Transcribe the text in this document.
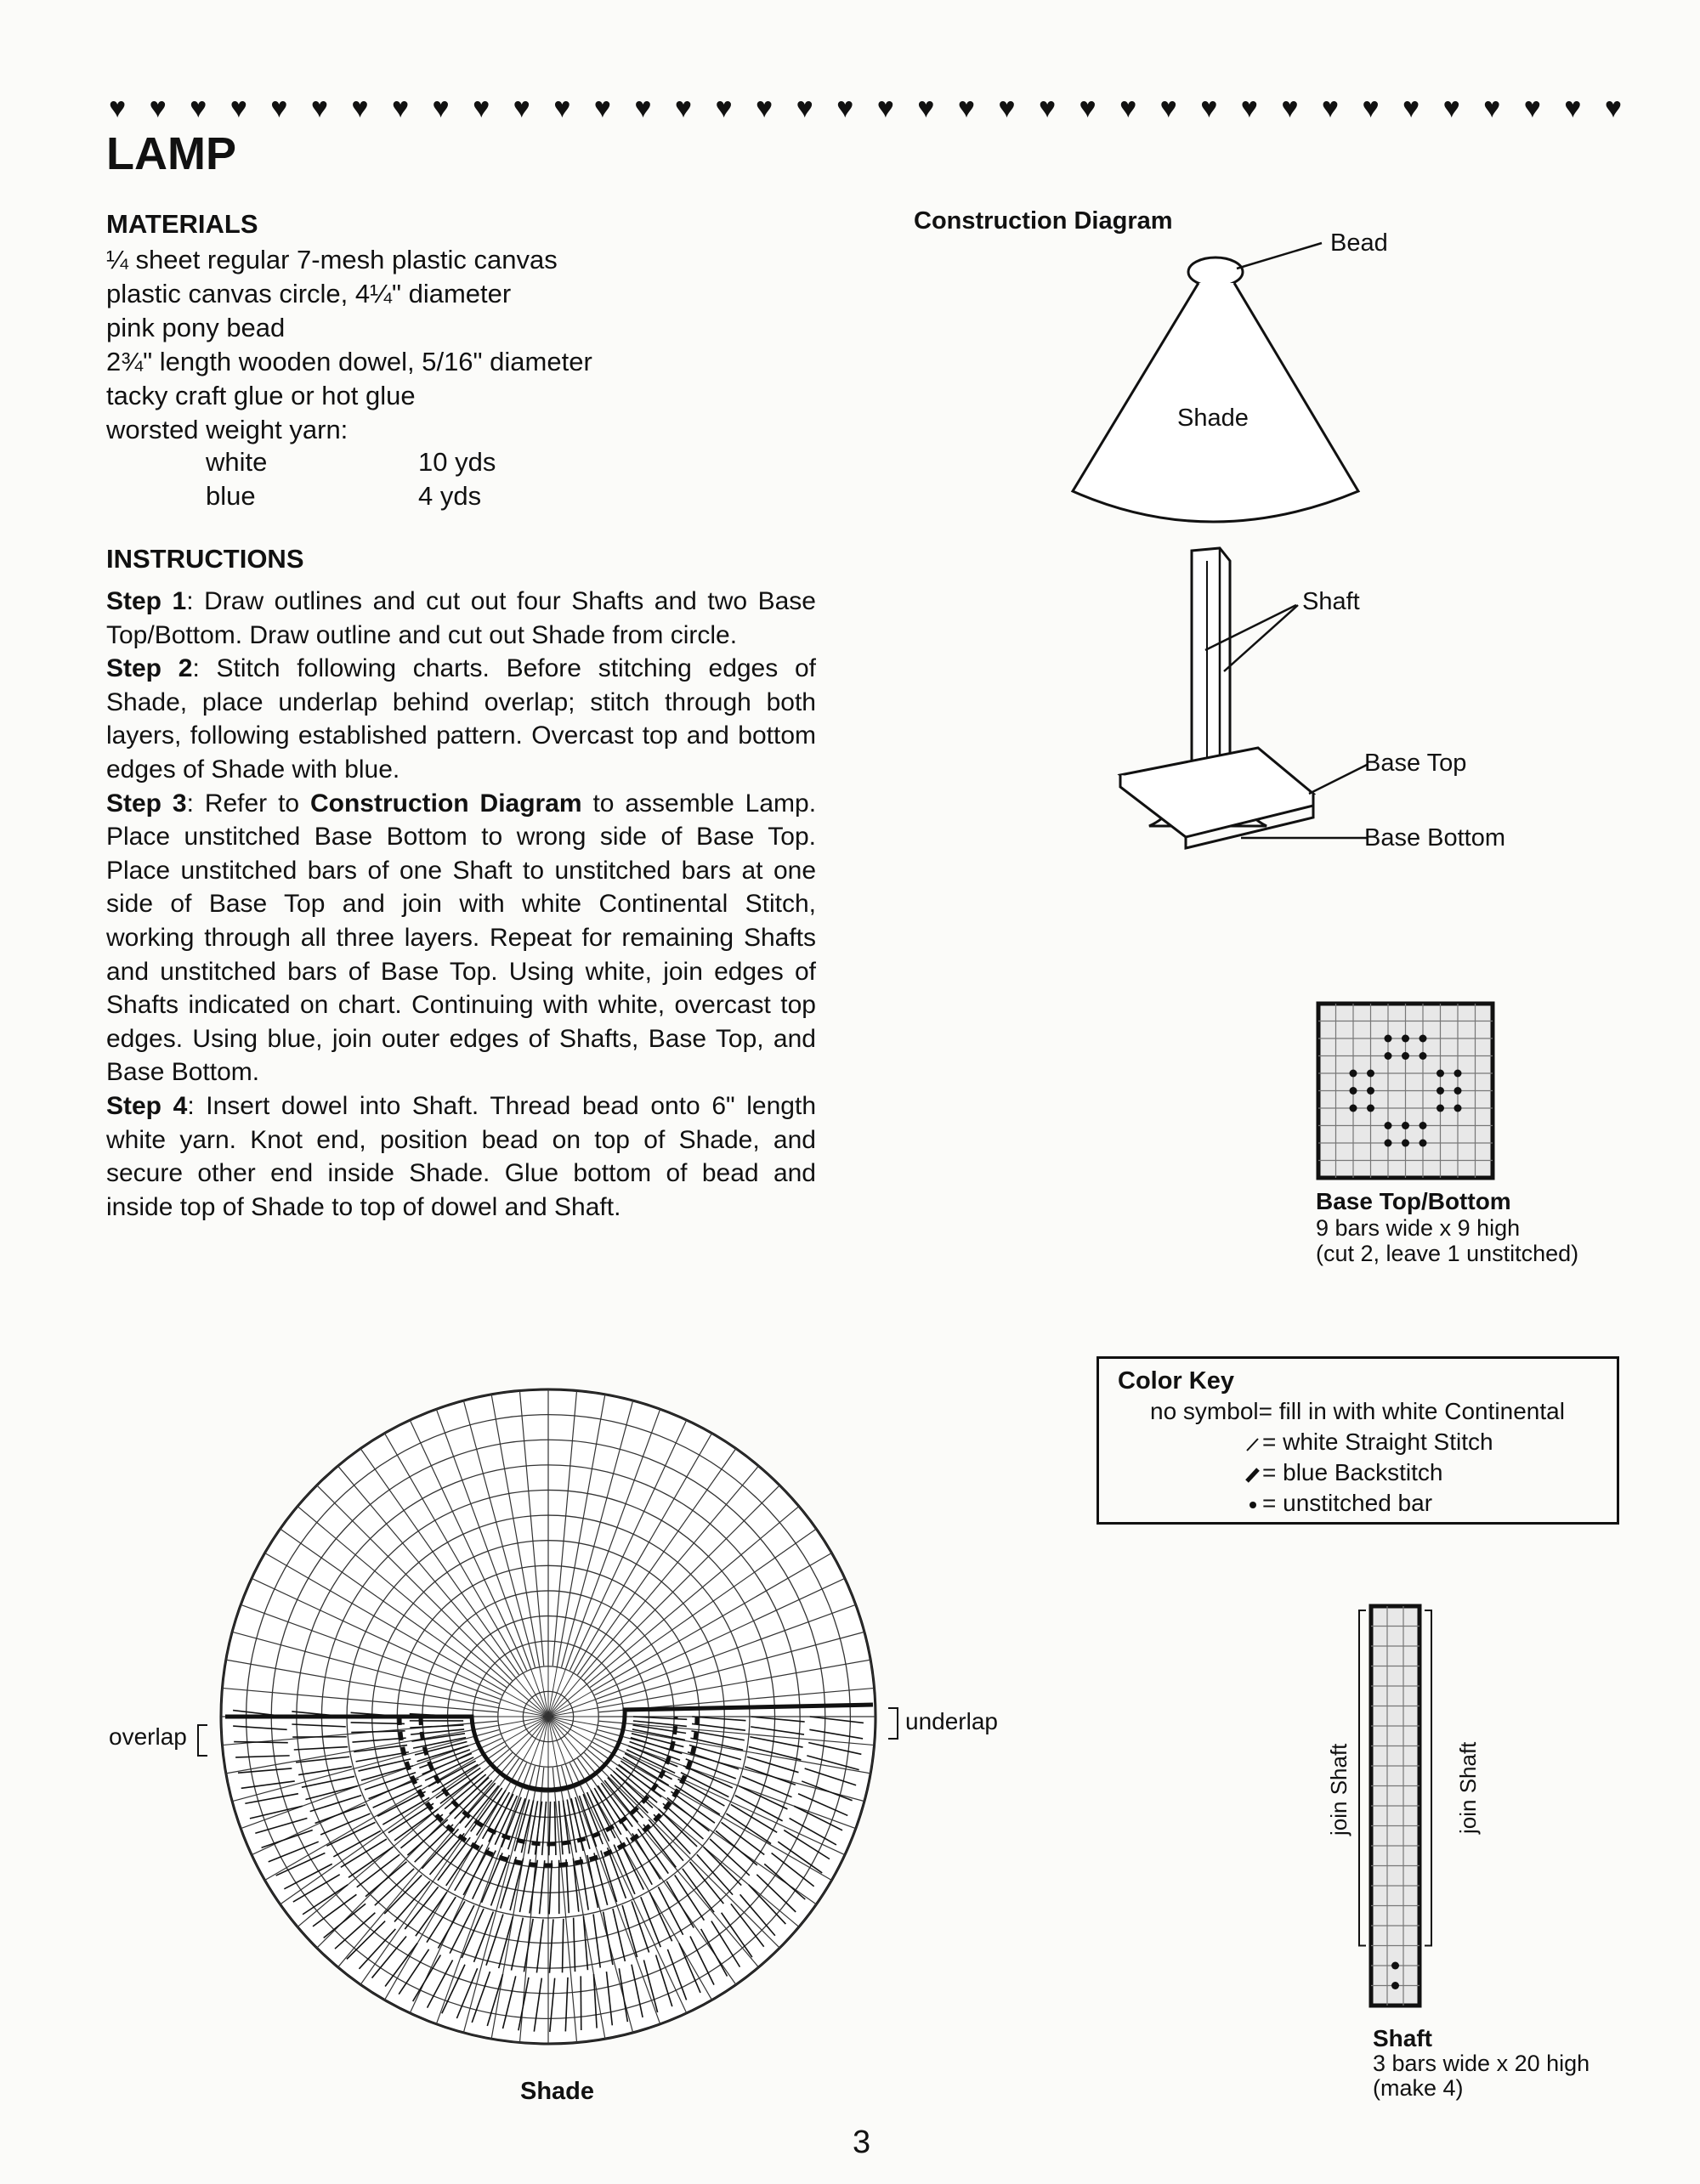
♥ ♥ ♥ ♥ ♥ ♥ ♥ ♥ ♥ ♥ ♥ ♥ ♥ ♥ ♥ ♥ ♥ ♥ ♥ ♥ ♥ ♥ ♥ ♥ ♥ ♥ ♥ ♥ ♥ ♥ ♥ ♥ ♥ ♥ ♥ ♥ ♥ ♥
LAMP
MATERIALS
¼ sheet regular 7-mesh plastic canvas
plastic canvas circle, 4¼" diameter
pink pony bead
2¾" length wooden dowel, 5/16" diameter
tacky craft glue or hot glue
worsted weight yarn:
white	10 yds
blue	4 yds
INSTRUCTIONS

Step 1: Draw outlines and cut out four Shafts and two Base Top/Bottom. Draw outline and cut out Shade from circle.

Step 2: Stitch following charts. Before stitching edges of Shade, place underlap behind overlap; stitch through both layers, following established pattern. Overcast top and bottom edges of Shade with blue.

Step 3: Refer to Construction Diagram to assemble Lamp. Place unstitched Base Bottom to wrong side of Base Top. Place unstitched bars of one Shaft to unstitched bars at one side of Base Top and join with white Continental Stitch, working through all three layers. Repeat for remaining Shafts and unstitched bars of Base Top. Using white, join edges of Shafts indicated on chart. Continuing with white, overcast top edges. Using blue, join outer edges of Shafts, Base Top, and Base Bottom.

Step 4: Insert dowel into Shaft. Thread bead onto 6" length white yarn. Knot end, position bead on top of Shade, and secure other end inside Shade. Glue bottom of bead and inside top of Shade to top of dowel and Shaft.

Construction Diagram
Bead
Shade
Shaft
Base Top
Base Bottom
Base Top/Bottom
9 bars wide x 9 high
(cut 2, leave 1 unstitched)
Color Key
no symbol= fill in with white Continental
= white Straight Stitch
= blue Backstitch
= unstitched bar
overlap
underlap
Shade
join Shaft	join Shaft
Shaft
3 bars wide x 20 high
(make 4)
3
